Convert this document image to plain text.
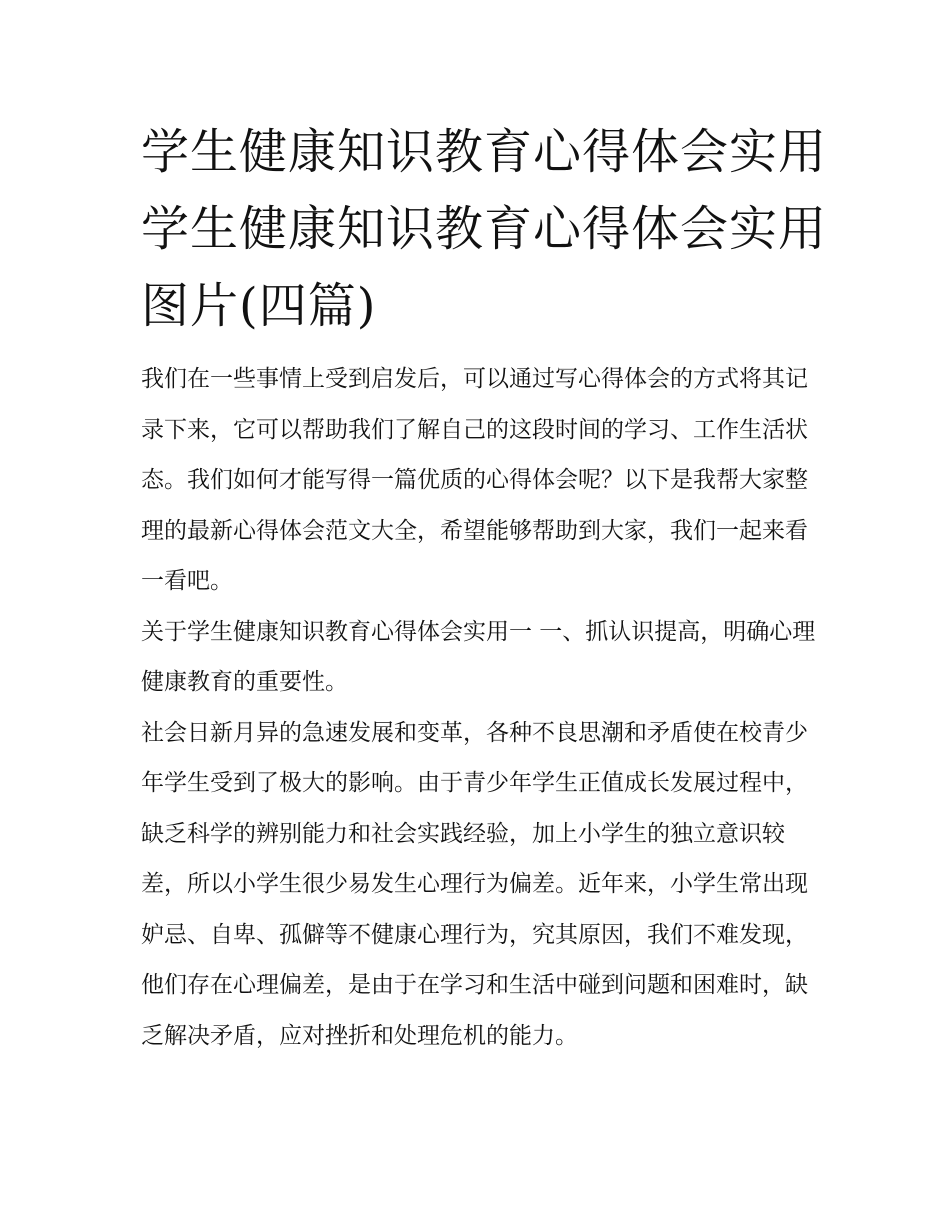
学生健康知识教育心得体会实用 学生健康知识教育心得体会实用图片(四篇)

我们在一些事情上受到启发后，可以通过写心得体会的方式将其记录下来，它可以帮助我们了解自己的这段时间的学习、工作生活状态。我们如何才能写得一篇优质的心得体会呢？以下是我帮大家整理的最新心得体会范文大全，希望能够帮助到大家，我们一起来看一看吧。

关于学生健康知识教育心得体会实用一 一、抓认识提高，明确心理健康教育的重要性。

社会日新月异的急速发展和变革，各种不良思潮和矛盾使在校青少年学生受到了极大的影响。由于青少年学生正值成长发展过程中，缺乏科学的辨别能力和社会实践经验，加上小学生的独立意识较差，所以小学生很少易发生心理行为偏差。近年来，小学生常出现妒忌、自卑、孤僻等不健康心理行为，究其原因，我们不难发现，他们存在心理偏差，是由于在学习和生活中碰到问题和困难时，缺乏解决矛盾，应对挫折和处理危机的能力。
